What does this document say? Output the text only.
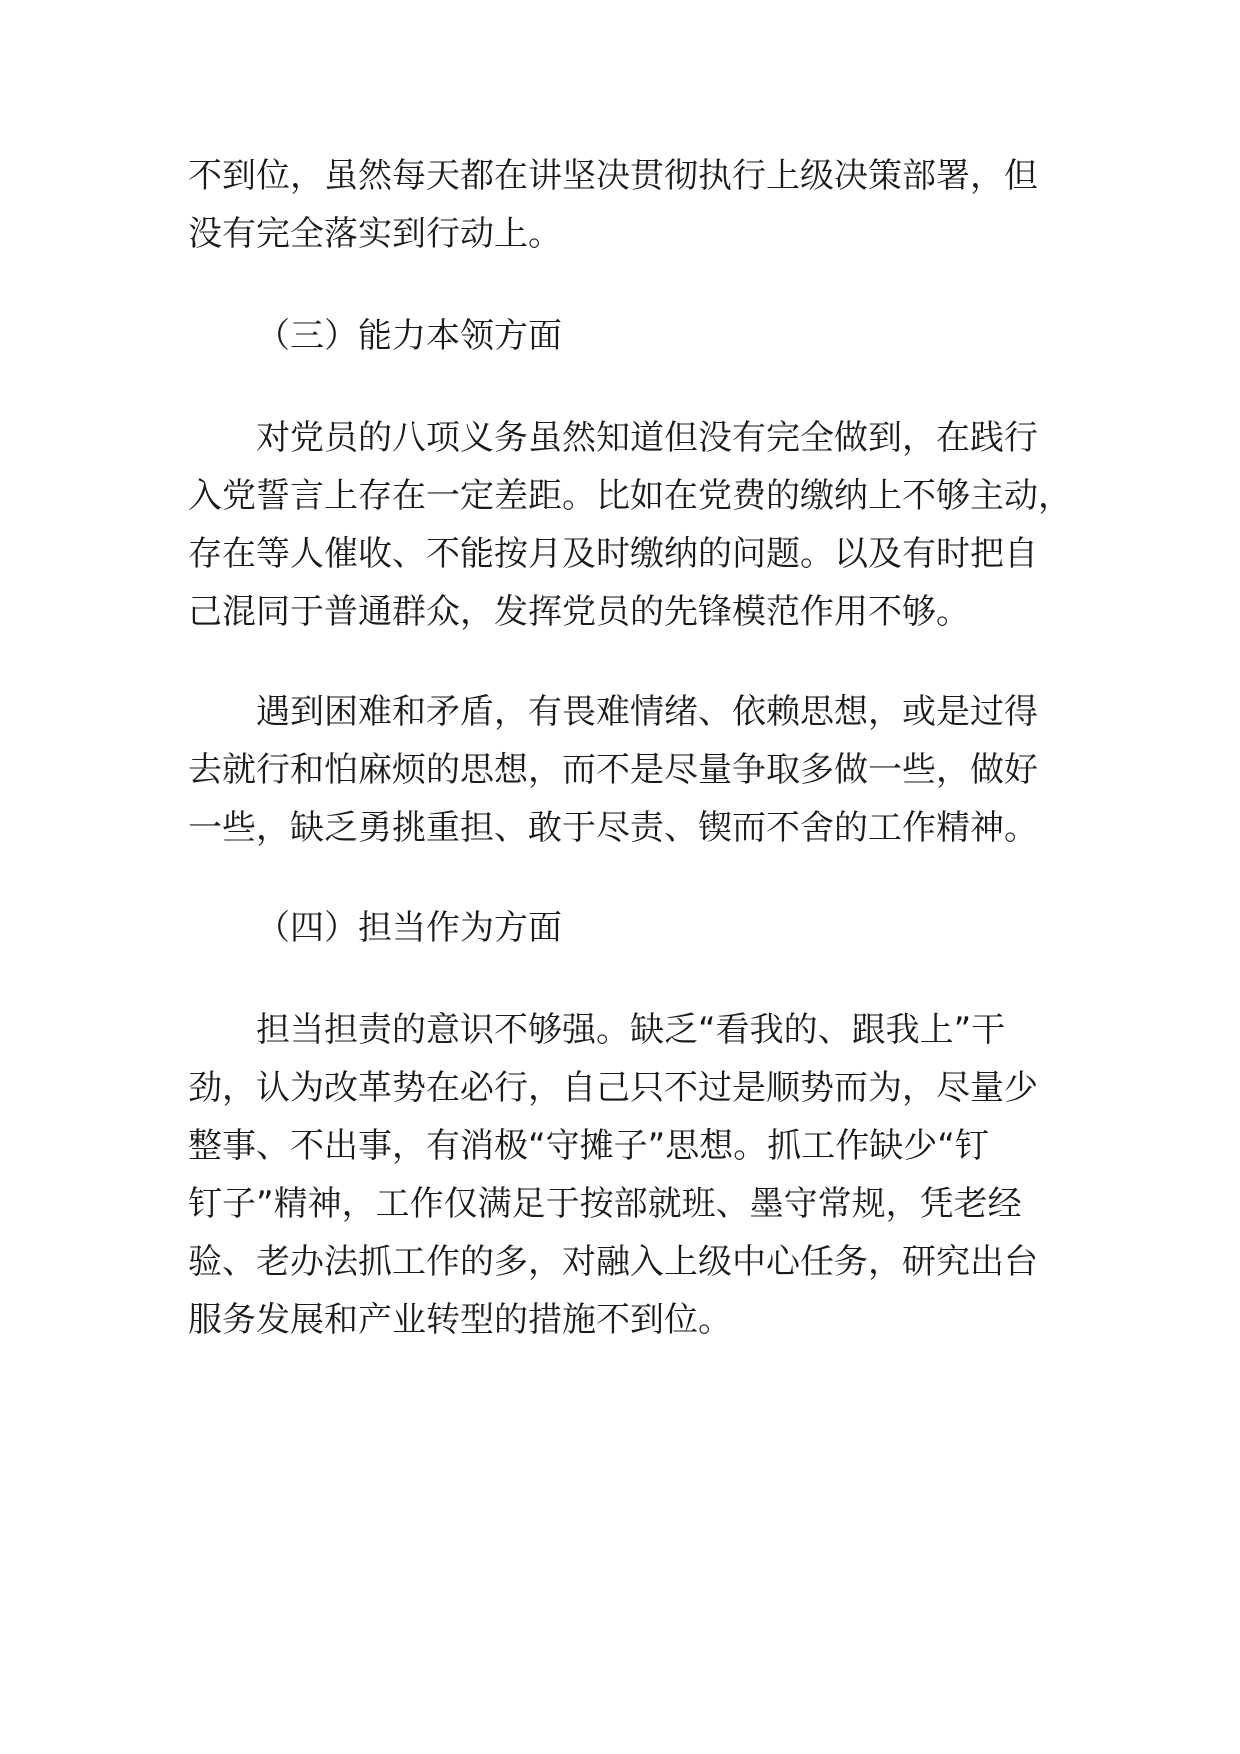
不到位，虽然每天都在讲坚决贯彻执行上级决策部署，但
没有完全落实到行动上。
（三）能力本领方面
对党员的八项义务虽然知道但没有完全做到，在践行
入党誓言上存在一定差距。比如在党费的缴纳上不够主动，
存在等人催收、不能按月及时缴纳的问题。以及有时把自
己混同于普通群众，发挥党员的先锋模范作用不够。
遇到困难和矛盾，有畏难情绪、依赖思想，或是过得
去就行和怕麻烦的思想，而不是尽量争取多做一些，做好
一些，缺乏勇挑重担、敢于尽责、锲而不舍的工作精神。
（四）担当作为方面
担当担责的意识不够强。缺乏“看我的、跟我上”干
劲，认为改革势在必行，自己只不过是顺势而为，尽量少
整事、不出事，有消极“守摊子”思想。抓工作缺少“钉
钉子”精神，工作仅满足于按部就班、墨守常规，凭老经
验、老办法抓工作的多，对融入上级中心任务，研究出台
服务发展和产业转型的措施不到位。
